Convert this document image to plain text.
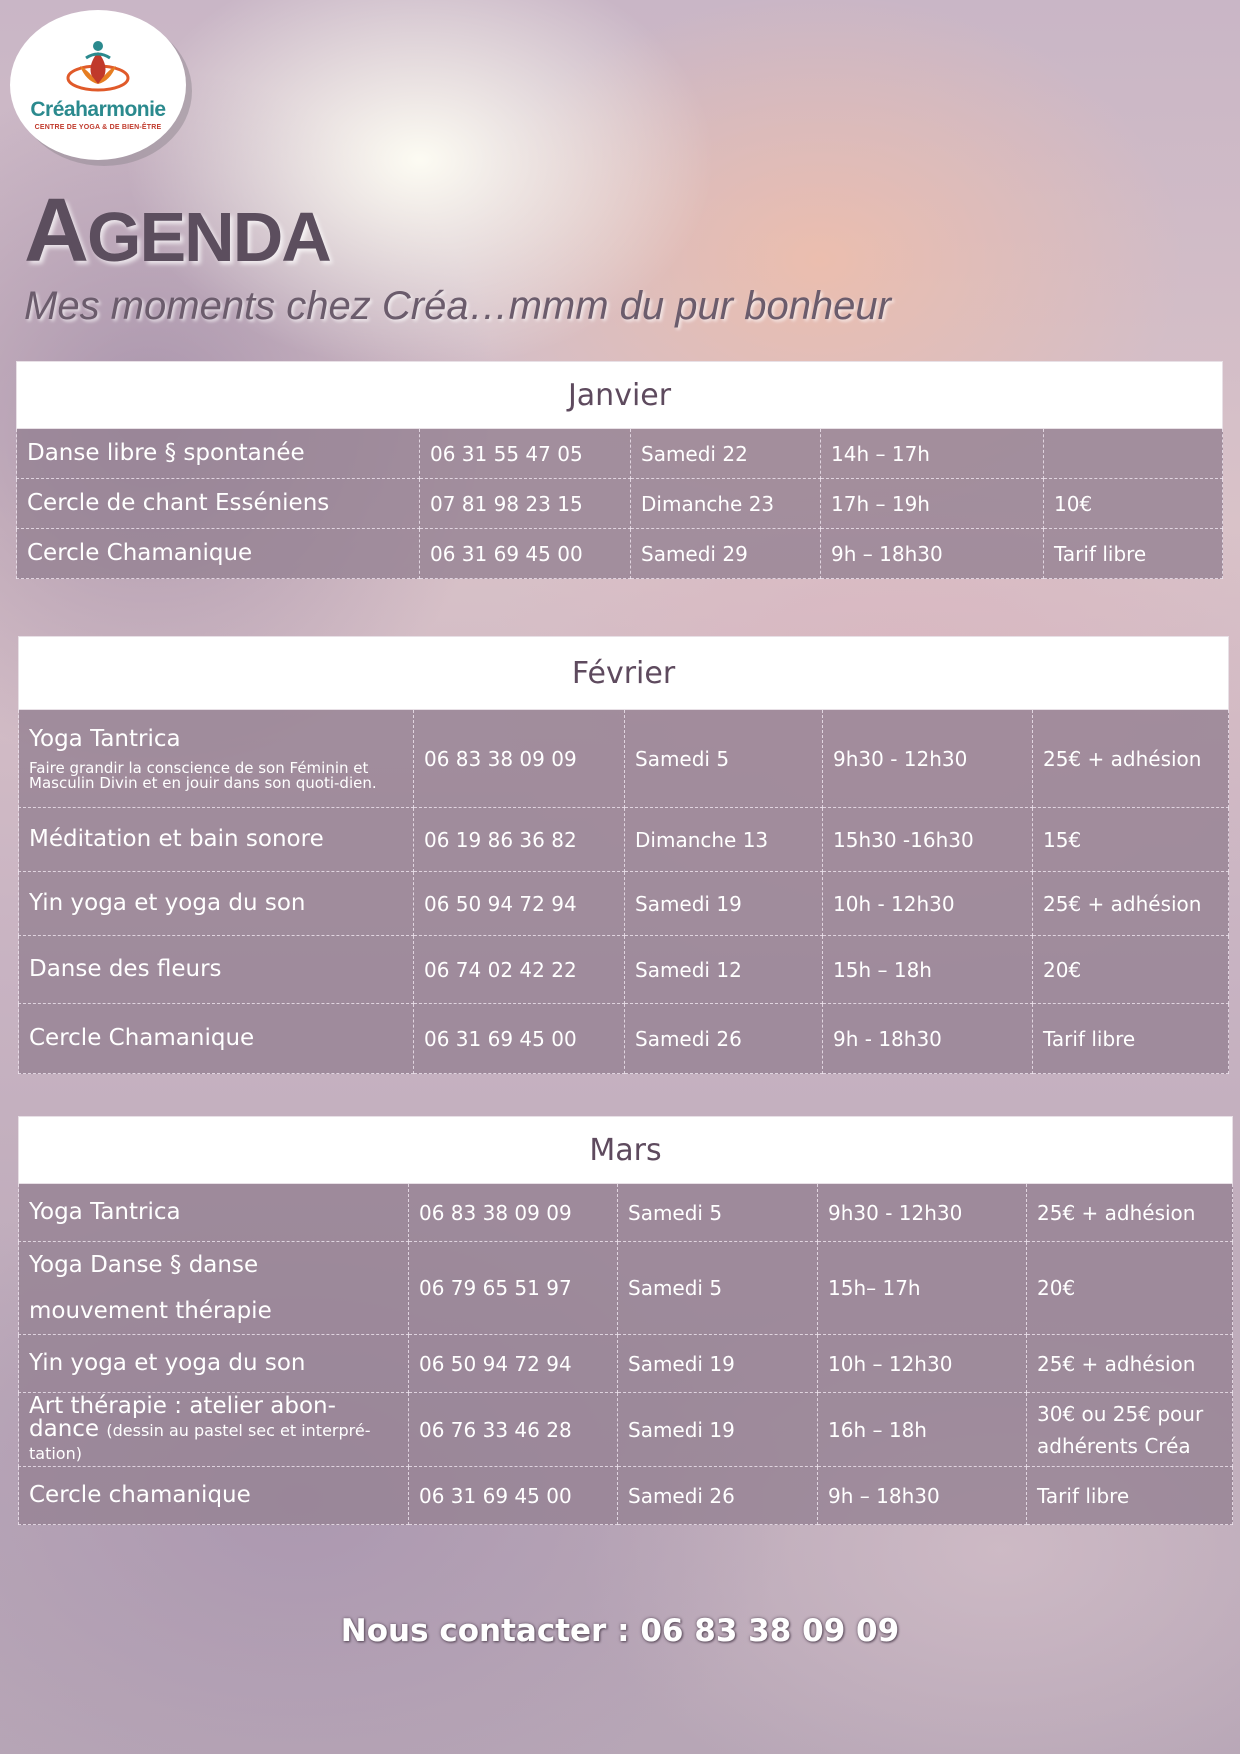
Créaharmonie
CENTRE DE YOGA & DE BIEN-ÊTRE
AGENDA

Mes moments chez Créa…mmm du pur bonheur

Janvier				
Danse libre § spontanée	06 31 55 47 05	Samedi 22	14h – 17h	
Cercle de chant Esséniens	07 81 98 23 15	Dimanche 23	17h – 19h	10€
Cercle Chamanique	06 31 69 45 00	Samedi 29	9h – 18h30	Tarif libre
Février				
Yoga Tantrica
Faire grandir la conscience de son Féminin et Masculin Divin et en jouir dans son quoti-dien.	06 83 38 09 09	Samedi 5	9h30 - 12h30	25€ + adhésion
Méditation et bain sonore	06 19 86 36 82	Dimanche 13	15h30 -16h30	15€
Yin yoga et yoga du son	06 50 94 72 94	Samedi 19	10h - 12h30	25€ + adhésion
Danse des fleurs	06 74 02 42 22	Samedi 12	15h – 18h	20€
Cercle Chamanique	06 31 69 45 00	Samedi 26	9h - 18h30	Tarif libre
Mars				
Yoga Tantrica	06 83 38 09 09	Samedi 5	9h30 - 12h30	25€ + adhésion
Yoga Danse § danse mouvement thérapie	06 79 65 51 97	Samedi 5	15h– 17h	20€
Yin yoga et yoga du son	06 50 94 72 94	Samedi 19	10h – 12h30	25€ + adhésion
Art thérapie : atelier abon-dance (dessin au pastel sec et interpré-tation)	06 76 33 46 28	Samedi 19	16h – 18h	30€ ou 25€ pour adhérents Créa
Cercle chamanique	06 31 69 45 00	Samedi 26	9h – 18h30	Tarif libre
Nous contacter : 06 83 38 09 09
